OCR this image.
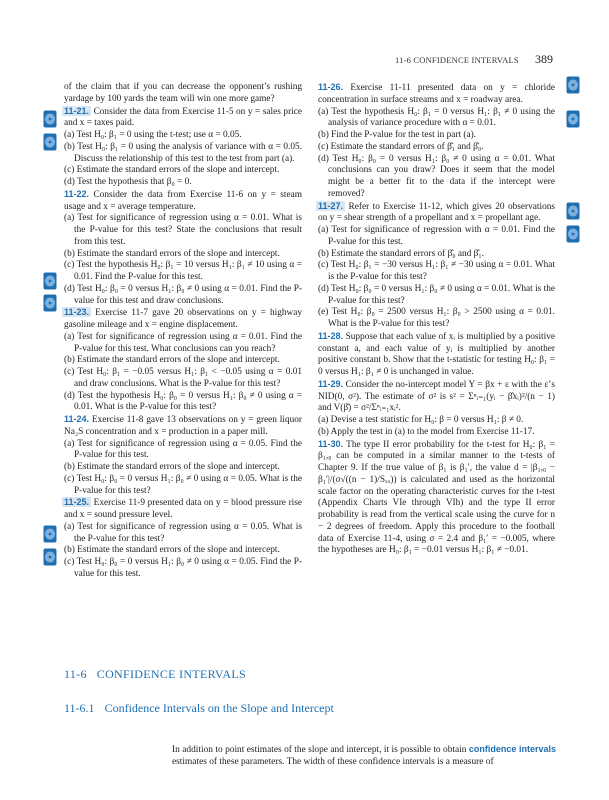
11-6 CONFIDENCE INTERVALS 389

of the claim that if you can decrease the opponent’s rushing yardage by 100 yards the team will win one more game?

11-21. Consider the data from Exercise 11-5 on y = sales price and x = taxes paid.

(a) Test H₀: β₁ = 0 using the t-test; use α = 0.05.

(b) Test H₀: β₁ = 0 using the analysis of variance with α = 0.05. Discuss the relationship of this test to the test from part (a).

(c) Estimate the standard errors of the slope and intercept.

(d) Test the hypothesis that β₀ = 0.

11-22. Consider the data from Exercise 11-6 on y = steam usage and x = average temperature.

(a) Test for significance of regression using α = 0.01. What is the P-value for this test? State the conclusions that result from this test.

(b) Estimate the standard errors of the slope and intercept.

(c) Test the hypothesis H₀: β₁ = 10 versus H₁: β₁ ≠ 10 using α = 0.01. Find the P-value for this test.

(d) Test H₀: β₀ = 0 versus H₁: β₀ ≠ 0 using α = 0.01. Find the P-value for this test and draw conclusions.

11-23. Exercise 11-7 gave 20 observations on y = highway gasoline mileage and x = engine displacement.

(a) Test for significance of regression using α = 0.01. Find the P-value for this test. What conclusions can you reach?

(b) Estimate the standard errors of the slope and intercept.

(c) Test H₀: β₁ = −0.05 versus H₁: β₁ < −0.05 using α = 0.01 and draw conclusions. What is the P-value for this test?

(d) Test the hypothesis H₀: β₀ = 0 versus H₁: β₀ ≠ 0 using α = 0.01. What is the P-value for this test?

11-24. Exercise 11-8 gave 13 observations on y = green liquor Na₂S concentration and x = production in a paper mill.

(a) Test for significance of regression using α = 0.05. Find the P-value for this test.

(b) Estimate the standard errors of the slope and intercept.

(c) Test H₀: β₀ = 0 versus H₁: β₀ ≠ 0 using α = 0.05. What is the P-value for this test?

11-25. Exercise 11-9 presented data on y = blood pressure rise and x = sound pressure level.

(a) Test for significance of regression using α = 0.05. What is the P-value for this test?

(b) Estimate the standard errors of the slope and intercept.

(c) Test H₀: β₀ = 0 versus H₁: β₀ ≠ 0 using α = 0.05. Find the P-value for this test.

11-26. Exercise 11-11 presented data on y = chloride concentration in surface streams and x = roadway area.

(a) Test the hypothesis H₀: β₁ = 0 versus H₁: β₁ ≠ 0 using the analysis of variance procedure with α = 0.01.

(b) Find the P-value for the test in part (a).

(c) Estimate the standard errors of β̂₁ and β̂₀.

(d) Test H₀: β₀ = 0 versus H₁: β₀ ≠ 0 using α = 0.01. What conclusions can you draw? Does it seem that the model might be a better fit to the data if the intercept were removed?

11-27. Refer to Exercise 11-12, which gives 20 observations on y = shear strength of a propellant and x = propellant age.

(a) Test for significance of regression with α = 0.01. Find the P-value for this test.

(b) Estimate the standard errors of β̂₀ and β̂₁.

(c) Test H₀: β₁ = −30 versus H₁: β₁ ≠ −30 using α = 0.01. What is the P-value for this test?

(d) Test H₀: β₀ = 0 versus H₁: β₀ ≠ 0 using α = 0.01. What is the P-value for this test?

(e) Test H₀: β₀ = 2500 versus H₁: β₀ > 2500 using α = 0.01. What is the P-value for this test?

11-28. Suppose that each value of xᵢ is multiplied by a positive constant a, and each value of yᵢ is multiplied by another positive constant b. Show that the t-statistic for testing H₀: β₁ = 0 versus H₁: β₁ ≠ 0 is unchanged in value.

11-29. Consider the no-intercept model Y = βx + ε with the ε’s NID(0, σ²). The estimate of σ² is s² = Σⁿᵢ₌₁(yᵢ − β̂xᵢ)²/(n − 1) and V(β̂) = σ²/Σⁿᵢ₌₁xᵢ².

(a) Devise a test statistic for H₀: β = 0 versus H₁: β ≠ 0.

(b) Apply the test in (a) to the model from Exercise 11-17.

11-30. The type II error probability for the t-test for H₀: β₁ = β₁,₀ can be computed in a similar manner to the t-tests of Chapter 9. If the true value of β₁ is β₁′, the value d = |β₁,₀ − β₁′|/(σ√((n − 1)/Sₓₓ)) is calculated and used as the horizontal scale factor on the operating characteristic curves for the t-test (Appendix Charts VIe through VIh) and the type II error probability is read from the vertical scale using the curve for n − 2 degrees of freedom. Apply this procedure to the football data of Exercise 11-4, using σ = 2.4 and β₁′ = −0.005, where the hypotheses are H₀: β₁ = −0.01 versus H₁: β₁ ≠ −0.01.

11-6 CONFIDENCE INTERVALS
11-6.1 Confidence Intervals on the Slope and Intercept
In addition to point estimates of the slope and intercept, it is possible to obtain confidence intervals estimates of these parameters. The width of these confidence intervals is a measure of
